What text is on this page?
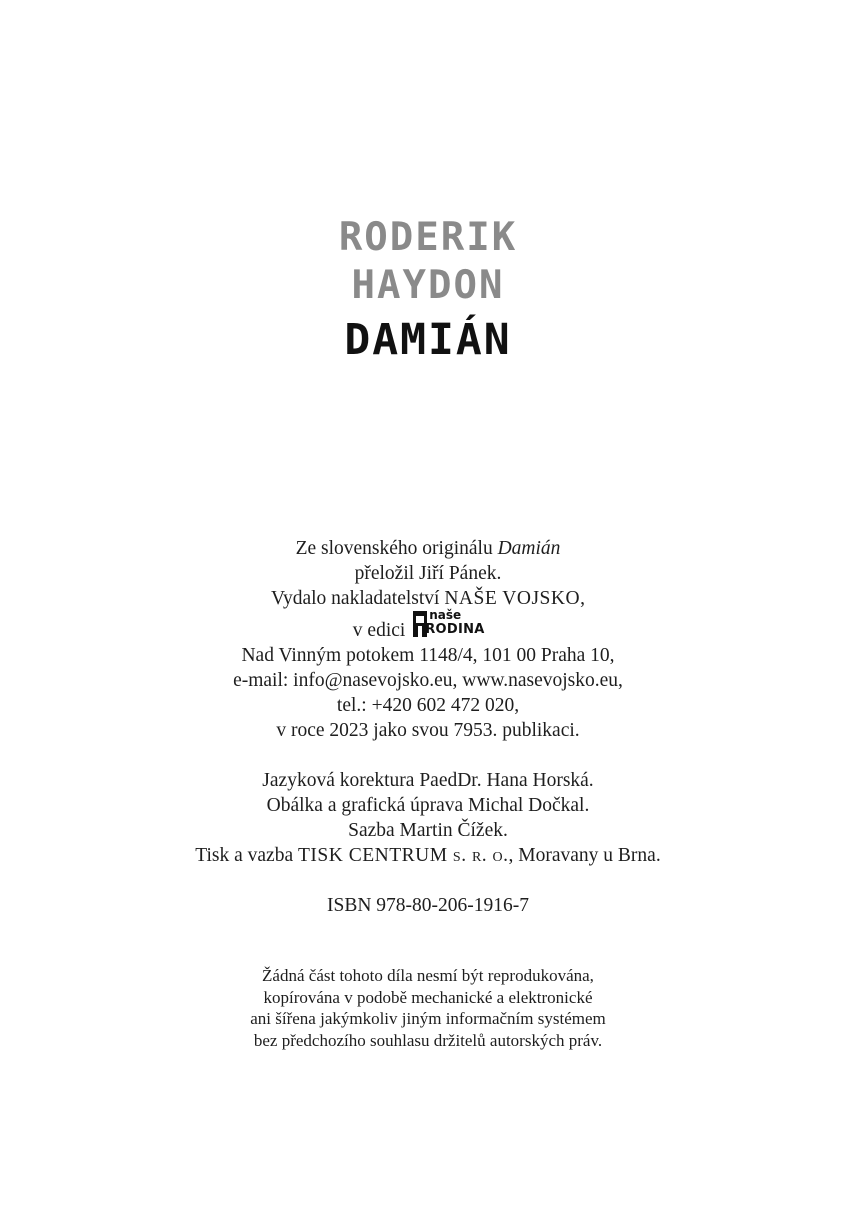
RODERIK
HAYDON
DAMIÁN
Ze slovenského originálu Damián
přeložil Jiří Pánek.
Vydalo nakladatelství NAŠE VOJSKO,
v edici
naše
RODINA
Nad Vinným potokem 1148/4, 101 00 Praha 10,
e-mail: info@nasevojsko.eu, www.nasevojsko.eu,
tel.: +420 602 472 020,
v roce 2023 jako svou 7953. publikaci.
Jazyková korektura PaedDr. Hana Horská.
Obálka a grafická úprava Michal Dočkal.
Sazba Martin Čížek.
Tisk a vazba TISK CENTRUM s. r. o., Moravany u Brna.
ISBN 978-80-206-1916-7
Žádná část tohoto díla nesmí být reprodukována,
kopírována v podobě mechanické a elektronické
ani šířena jakýmkoliv jiným informačním systémem
bez předchozího souhlasu držitelů autorských práv.
